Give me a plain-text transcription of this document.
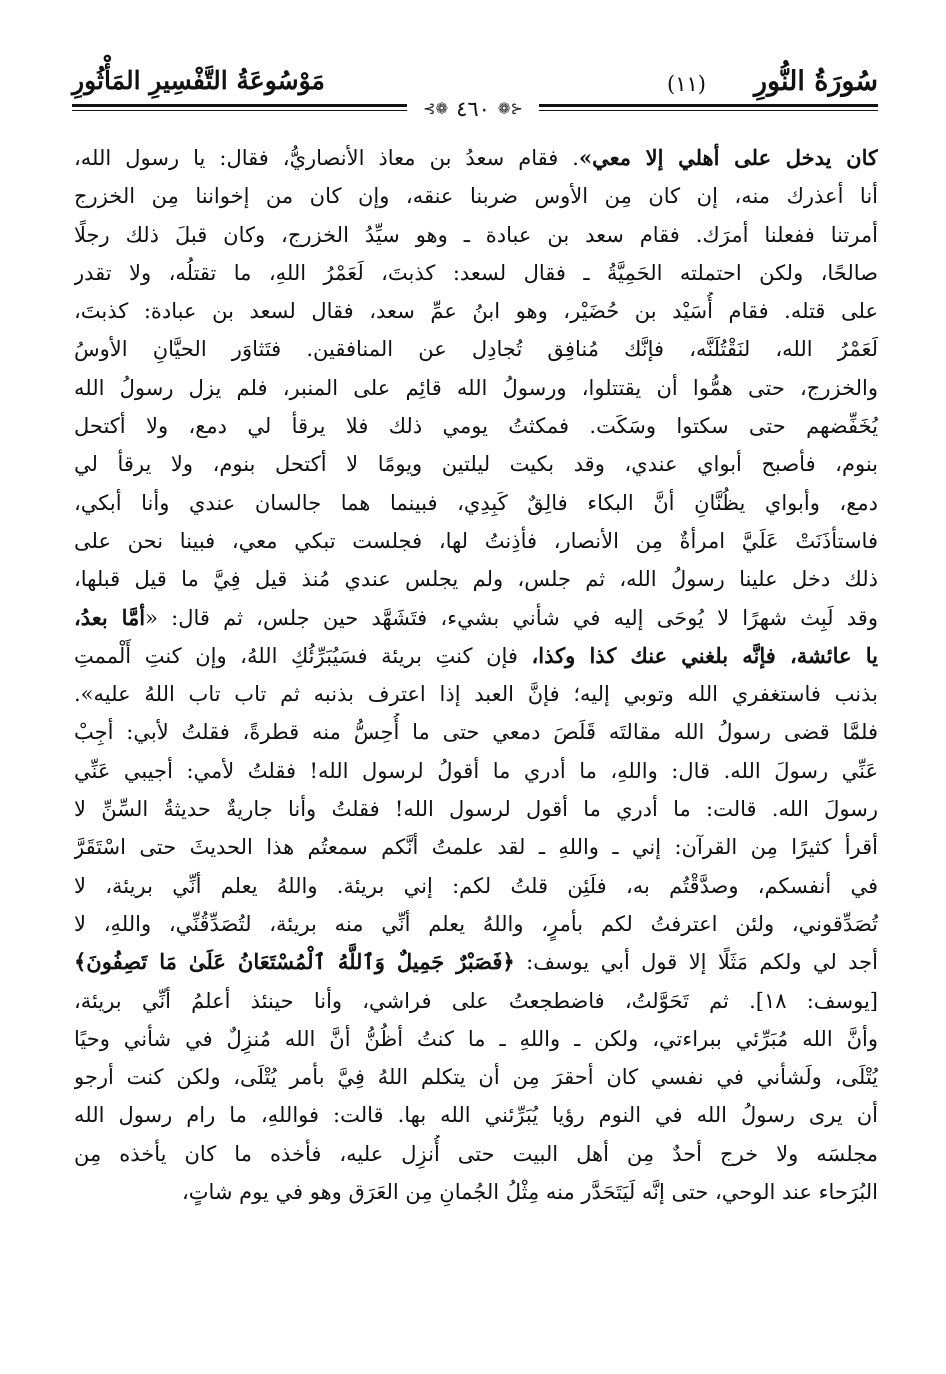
سُورَةُ النُّورِ
(١١)
مَوْسُوعَةُ التَّفْسِيرِ المَأْثُورِ
⊰❁ ٤٦٠ ❁⊱
كان يدخل على أهلي إلا معي». فقام سعدُ بن معاذ الأنصاريُّ، فقال: يا رسول الله،
أنا أعذرك منه، إن كان مِن الأوس ضربنا عنقه، وإن كان من إخواننا مِن الخزرج
أمرتنا ففعلنا أمرَك. فقام سعد بن عبادة ـ وهو سيِّدُ الخزرج، وكان قبلَ ذلك رجلًا
صالحًا، ولكن احتملته الحَمِيَّةُ ـ فقال لسعد: كذبتَ، لَعَمْرُ اللهِ، ما تقتلُه، ولا تقدر
على قتله. فقام أُسَيْد بن حُضَيْر، وهو ابنُ عمِّ سعد، فقال لسعد بن عبادة: كذبتَ،
لَعَمْرُ الله، لنَقْتُلَنَّه، فإنَّك مُنافِق تُجادِل عن المنافقين. فتَثاوَر الحيَّانِ الأوسُ
والخزرج، حتى همُّوا أن يقتتلوا، ورسولُ الله قائِم على المنبر، فلم يزل رسولُ الله
يُخَفِّضهم حتى سكتوا وسَكَت. فمكثتُ يومي ذلك فلا يرقأ لي دمع، ولا أكتحل
بنوم، فأصبح أبواي عندي، وقد بكيت ليلتين ويومًا لا أكتحل بنوم، ولا يرقأ لي
دمع، وأبواي يظُنَّانِ أنَّ البكاء فالِقٌ كَبِدِي، فبينما هما جالسان عندي وأنا أبكي،
فاستأذَنَتْ عَلَيَّ امرأةٌ مِن الأنصار، فأذِنتُ لها، فجلست تبكي معي، فبينا نحن على
ذلك دخل علينا رسولُ الله، ثم جلس، ولم يجلس عندي مُنذ قيل فِيَّ ما قيل قبلها،
وقد لَبِث شهرًا لا يُوحَى إليه في شأني بشيء، فتَشَهَّد حين جلس، ثم قال: «أمَّا بعدُ،
يا عائشة، فإنَّه بلغني عنك كذا وكذا، فإن كنتِ بريئة فسَيُبَرِّئُكِ اللهُ، وإن كنتِ أَلْممتِ
بذنب فاستغفري الله وتوبي إليه؛ فإنَّ العبد إذا اعترف بذنبه ثم تاب تاب اللهُ عليه».
فلمَّا قضى رسولُ الله مقالتَه قَلَصَ دمعي حتى ما أُحِسُّ منه قطرةً، فقلتُ لأبي: أجِبْ
عَنِّي رسولَ الله. قال: واللهِ، ما أدري ما أقولُ لرسول الله! فقلتُ لأمي: أجيبي عَنِّي
رسولَ الله. قالت: ما أدري ما أقول لرسول الله! فقلتُ وأنا جاريةٌ حديثةُ السِّنِّ لا
أقرأ كثيرًا مِن القرآن: إني ـ واللهِ ـ لقد علمتُ أنَّكم سمعتُم هذا الحديثَ حتى اسْتَقَرَّ
في أنفسكم، وصدَّقْتُم به، فلَئِن قلتُ لكم: إني بريئة. واللهُ يعلم أنِّي بريئة، لا
تُصَدِّقوني، ولئن اعترفتُ لكم بأمرٍ، واللهُ يعلم أنِّي منه بريئة، لتُصَدِّقُنِّي، واللهِ، لا
أجد لي ولكم مَثَلًا إلا قول أبي يوسف: ﴿فَصَبْرٌ جَمِيلٌ وَٱللَّهُ ٱلْمُسْتَعَانُ عَلَىٰ مَا تَصِفُونَ﴾
[يوسف: ١٨]. ثم تَحَوَّلتُ، فاضطجعتُ على فراشي، وأنا حينئذ أعلمُ أنِّي بريئة،
وأنَّ الله مُبَرِّئي ببراءتي، ولكن ـ واللهِ ـ ما كنتُ أظُنُّ أنَّ الله مُنزِلٌ في شأني وحيًا
يُتْلَى، ولَشأني في نفسي كان أحقرَ مِن أن يتكلم اللهُ فِيَّ بأمر يُتْلَى، ولكن كنت أرجو
أن يرى رسولُ الله في النوم رؤيا يُبَرِّئني الله بها. قالت: فواللهِ، ما رام رسول الله
مجلسَه ولا خرج أحدٌ مِن أهل البيت حتى أُنزِل عليه، فأخذه ما كان يأخذه مِن
البُرَحاء عند الوحي، حتى إنَّه لَيَتَحَدَّر منه مِثْلُ الجُمانِ مِن العَرَق وهو في يوم شاتٍ،
